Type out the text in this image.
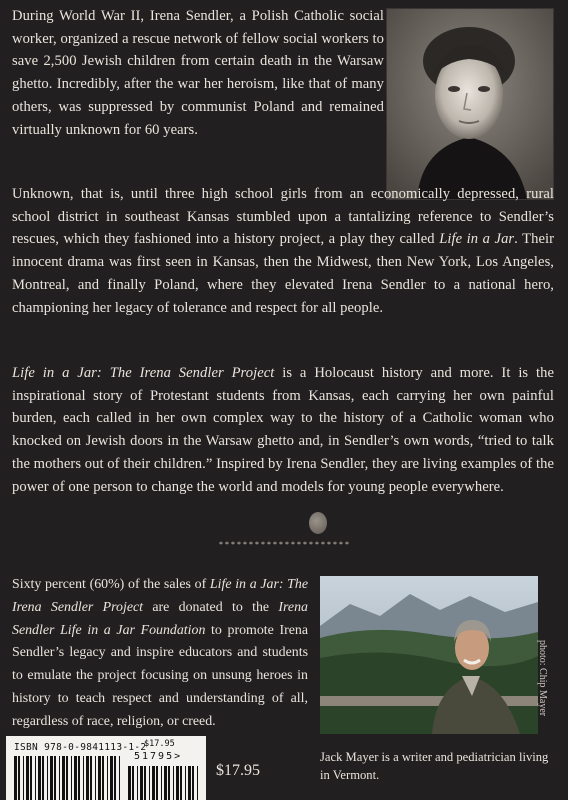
During World War II, Irena Sendler, a Polish Catholic social worker, organized a rescue network of fellow social workers to save 2,500 Jewish children from certain death in the Warsaw ghetto. Incredibly, after the war her heroism, like that of many others, was suppressed by communist Poland and remained virtually unknown for 60 years.

Unknown, that is, until three high school girls from an economically depressed, rural school district in southeast Kansas stumbled upon a tantalizing reference to Sendler’s rescues, which they fashioned into a history project, a play they called Life in a Jar. Their innocent drama was first seen in Kansas, then the Midwest, then New York, Los Angeles, Montreal, and finally Poland, where they elevated Irena Sendler to a national hero, championing her legacy of tolerance and respect for all people.

Life in a Jar: The Irena Sendler Project is a Holocaust history and more. It is the inspirational story of Protestant students from Kansas, each carrying her own painful burden, each called in her own complex way to the history of a Catholic woman who knocked on Jewish doors in the Warsaw ghetto and, in Sendler’s own words, “tried to talk the mothers out of their children.” Inspired by Irena Sendler, they are living examples of the power of one person to change the world and models for young people everywhere.

* * * * * * * * * * * * * * * * * * * * * *

Sixty percent (60%) of the sales of Life in a Jar: The Irena Sendler Project are donated to the Irena Sendler Life in a Jar Foundation to promote Irena Sendler’s legacy and inspire educators and students to emulate the project focusing on unsung heroes in history to teach respect and understanding of all, regardless of race, religion, or creed.

photo: Chip Mayer

Jack Mayer is a writer and pediatrician living in Vermont.

ISBN 978-0-9841113-1-2
$17.95
51795>
$17.95
